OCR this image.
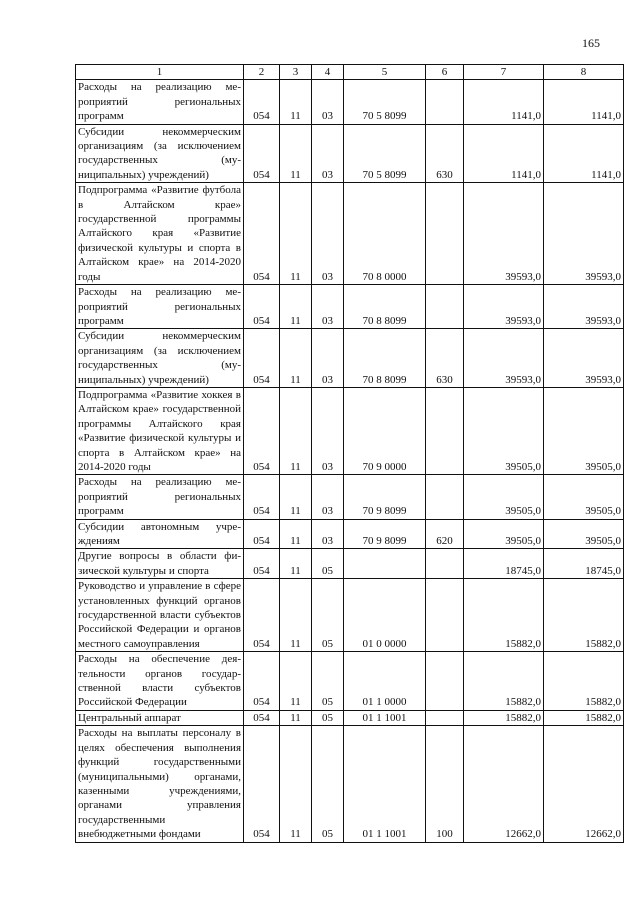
165
1	2	3	4	5	6	7	8
Расходы на реализацию мероприятий региональных программ	054	11	03	70 5 8099		1141,0	1141,0
Субсидии некоммерческим организациям (за исключением государственных (муниципальных) учреждений)	054	11	03	70 5 8099	630	1141,0	1141,0
Подпрограмма «Развитие футбола в Алтайском крае» государственной программы Алтайского края «Развитие физической культуры и спорта в Алтайском крае» на 2014-2020 годы	054	11	03	70 8 0000		39593,0	39593,0
Расходы на реализацию мероприятий региональных программ	054	11	03	70 8 8099		39593,0	39593,0
Субсидии некоммерческим организациям (за исключением государственных (муниципальных) учреждений)	054	11	03	70 8 8099	630	39593,0	39593,0
Подпрограмма «Развитие хоккея в Алтайском крае» государственной программы Алтайского края «Развитие физической культуры и спорта в Алтайском крае» на 2014-2020 годы	054	11	03	70 9 0000		39505,0	39505,0
Расходы на реализацию мероприятий региональных программ	054	11	03	70 9 8099		39505,0	39505,0
Субсидии автономным учреждениям	054	11	03	70 9 8099	620	39505,0	39505,0
Другие вопросы в области физической культуры и спорта	054	11	05			18745,0	18745,0
Руководство и управление в сфере установленных функций органов государственной власти субъектов Российской Федерации и органов местного самоуправления	054	11	05	01 0 0000		15882,0	15882,0
Расходы на обеспечение деятельности органов государственной власти субъектов Российской Федерации	054	11	05	01 1 0000		15882,0	15882,0
Центральный аппарат	054	11	05	01 1 1001		15882,0	15882,0
Расходы на выплаты персоналу в целях обеспечения выполнения функций государственными (муниципальными) органами, казенными учреждениями, органами управления государственными внебюджетными фондами	054	11	05	01 1 1001	100	12662,0	12662,0
